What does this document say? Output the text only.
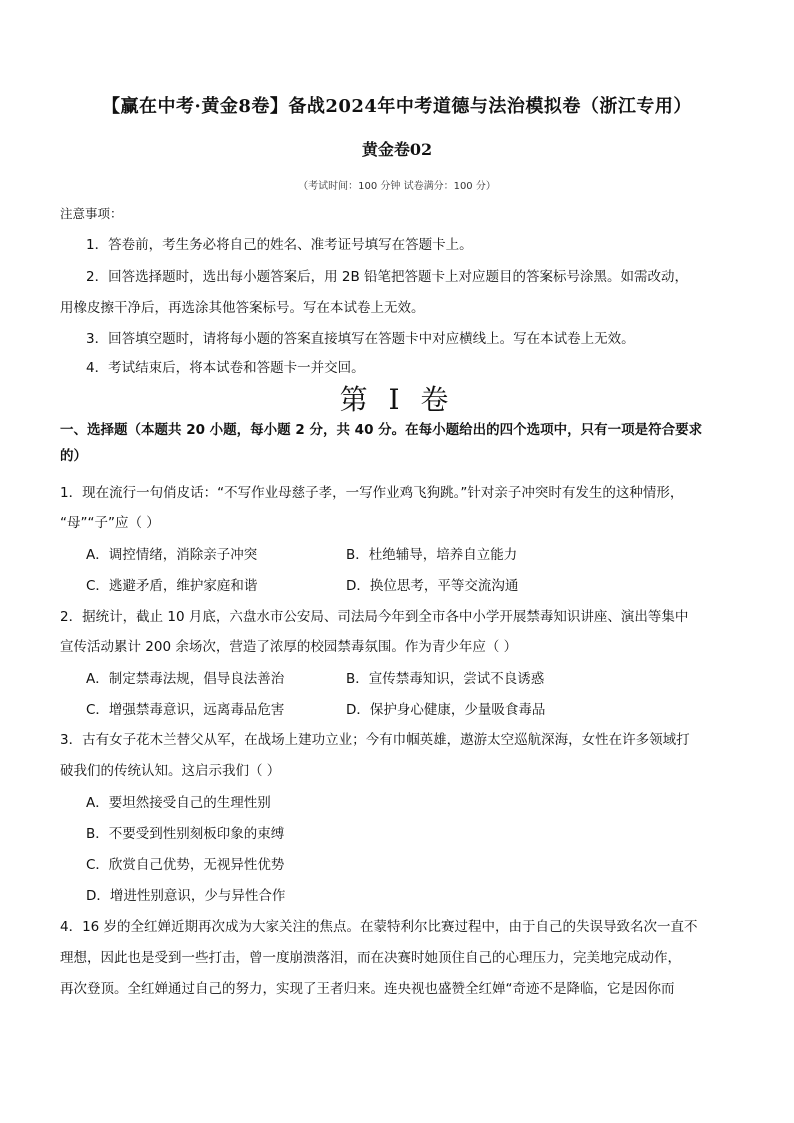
【赢在中考·黄金8卷】备战2024年中考道德与法治模拟卷（浙江专用）
黄金卷02
（考试时间：100 分钟 试卷满分：100 分）
注意事项：
1．答卷前，考生务必将自己的姓名、准考证号填写在答题卡上。
2．回答选择题时，选出每小题答案后，用 2B 铅笔把答题卡上对应题目的答案标号涂黑。如需改动，
用橡皮擦干净后，再选涂其他答案标号。写在本试卷上无效。
3．回答填空题时，请将每小题的答案直接填写在答题卡中对应横线上。写在本试卷上无效。
4．考试结束后，将本试卷和答题卡一并交回。
第 I 卷
一、选择题（本题共 20 小题，每小题 2 分，共 40 分。在每小题给出的四个选项中，只有一项是符合要求
的）
1．现在流行一句俏皮话：“不写作业母慈子孝，一写作业鸡飞狗跳。”针对亲子冲突时有发生的这种情形，
“母”“子”应（ ）
A．调控情绪，消除亲子冲突	B．杜绝辅导，培养自立能力
C．逃避矛盾，维护家庭和谐	D．换位思考，平等交流沟通
2．据统计，截止 10 月底，六盘水市公安局、司法局今年到全市各中小学开展禁毒知识讲座、演出等集中
宣传活动累计 200 余场次，营造了浓厚的校园禁毒氛围。作为青少年应（ ）
A．制定禁毒法规，倡导良法善治	B．宣传禁毒知识，尝试不良诱惑
C．增强禁毒意识，远离毒品危害	D．保护身心健康，少量吸食毒品
3．古有女子花木兰替父从军，在战场上建功立业；今有巾帼英雄，遨游太空巡航深海，女性在许多领域打
破我们的传统认知。这启示我们（ ）
A．要坦然接受自己的生理性别
B．不要受到性别刻板印象的束缚
C．欣赏自己优势，无视异性优势
D．增进性别意识，少与异性合作
4．16 岁的全红婵近期再次成为大家关注的焦点。在蒙特利尔比赛过程中，由于自己的失误导致名次一直不
理想，因此也是受到一些打击，曾一度崩溃落泪，而在决赛时她顶住自己的心理压力，完美地完成动作，
再次登顶。全红婵通过自己的努力，实现了王者归来。连央视也盛赞全红婵“奇迹不是降临，它是因你而
